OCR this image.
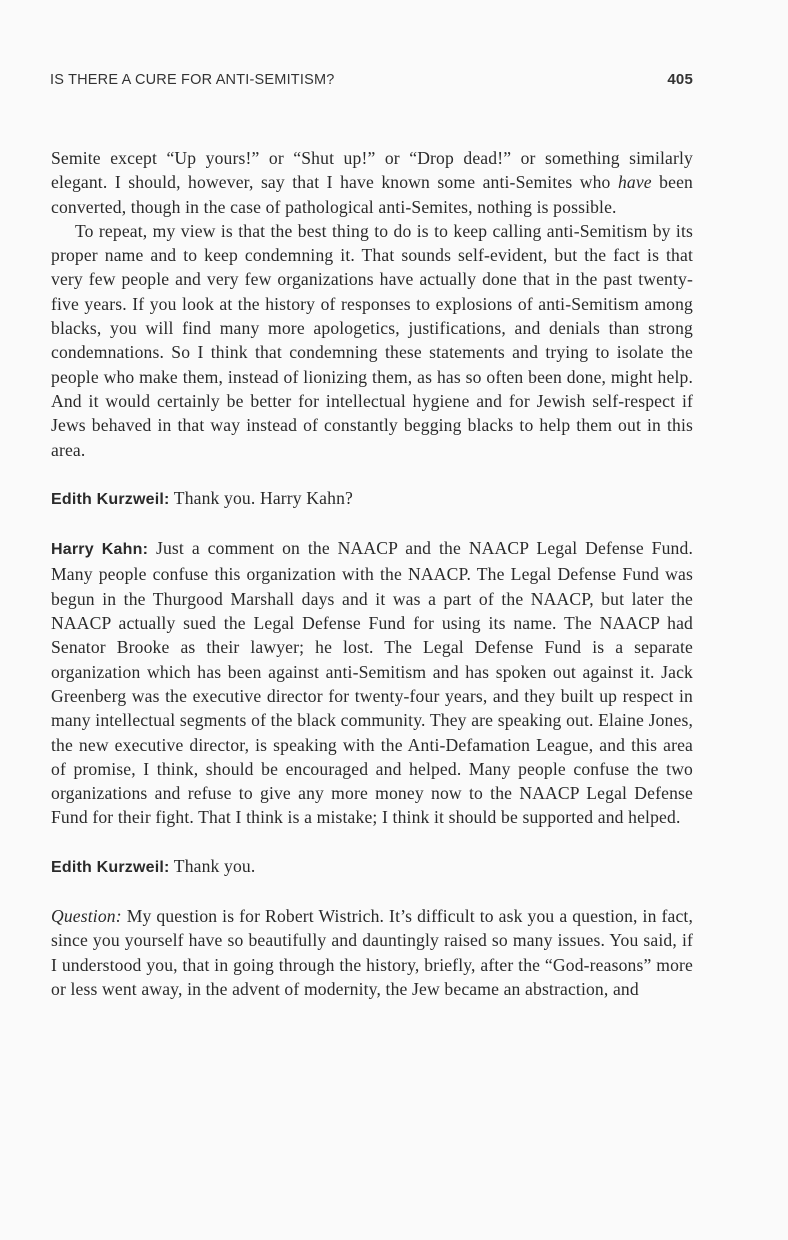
IS THERE A CURE FOR ANTI-SEMITISM?	405

Semite except “Up yours!” or “Shut up!” or “Drop dead!” or something similarly elegant. I should, however, say that I have known some anti-Semites who have been converted, though in the case of pathological anti-Semites, nothing is possible.

To repeat, my view is that the best thing to do is to keep calling anti-Semitism by its proper name and to keep condemning it. That sounds self-evident, but the fact is that very few people and very few organizations have actually done that in the past twenty-five years. If you look at the history of responses to explosions of anti-Semitism among blacks, you will find many more apologetics, justifications, and denials than strong condemnations. So I think that condemning these statements and trying to isolate the people who make them, instead of lionizing them, as has so often been done, might help. And it would certainly be better for intellectual hygiene and for Jewish self-respect if Jews behaved in that way instead of constantly begging blacks to help them out in this area.

Edith Kurzweil: Thank you. Harry Kahn?

Harry Kahn: Just a comment on the NAACP and the NAACP Legal Defense Fund. Many people confuse this organization with the NAACP. The Legal Defense Fund was begun in the Thurgood Marshall days and it was a part of the NAACP, but later the NAACP actually sued the Legal Defense Fund for using its name. The NAACP had Senator Brooke as their lawyer; he lost. The Legal Defense Fund is a separate organization which has been against anti-Semitism and has spoken out against it. Jack Greenberg was the executive director for twenty-four years, and they built up respect in many intellectual segments of the black community. They are speaking out. Elaine Jones, the new executive director, is speaking with the Anti-Defamation League, and this area of promise, I think, should be encouraged and helped. Many people confuse the two organizations and refuse to give any more money now to the NAACP Legal Defense Fund for their fight. That I think is a mistake; I think it should be supported and helped.

Edith Kurzweil: Thank you.

Question: My question is for Robert Wistrich. It’s difficult to ask you a question, in fact, since you yourself have so beautifully and dauntingly raised so many issues. You said, if I understood you, that in going through the history, briefly, after the “God-reasons” more or less went away, in the advent of modernity, the Jew became an abstraction, and
